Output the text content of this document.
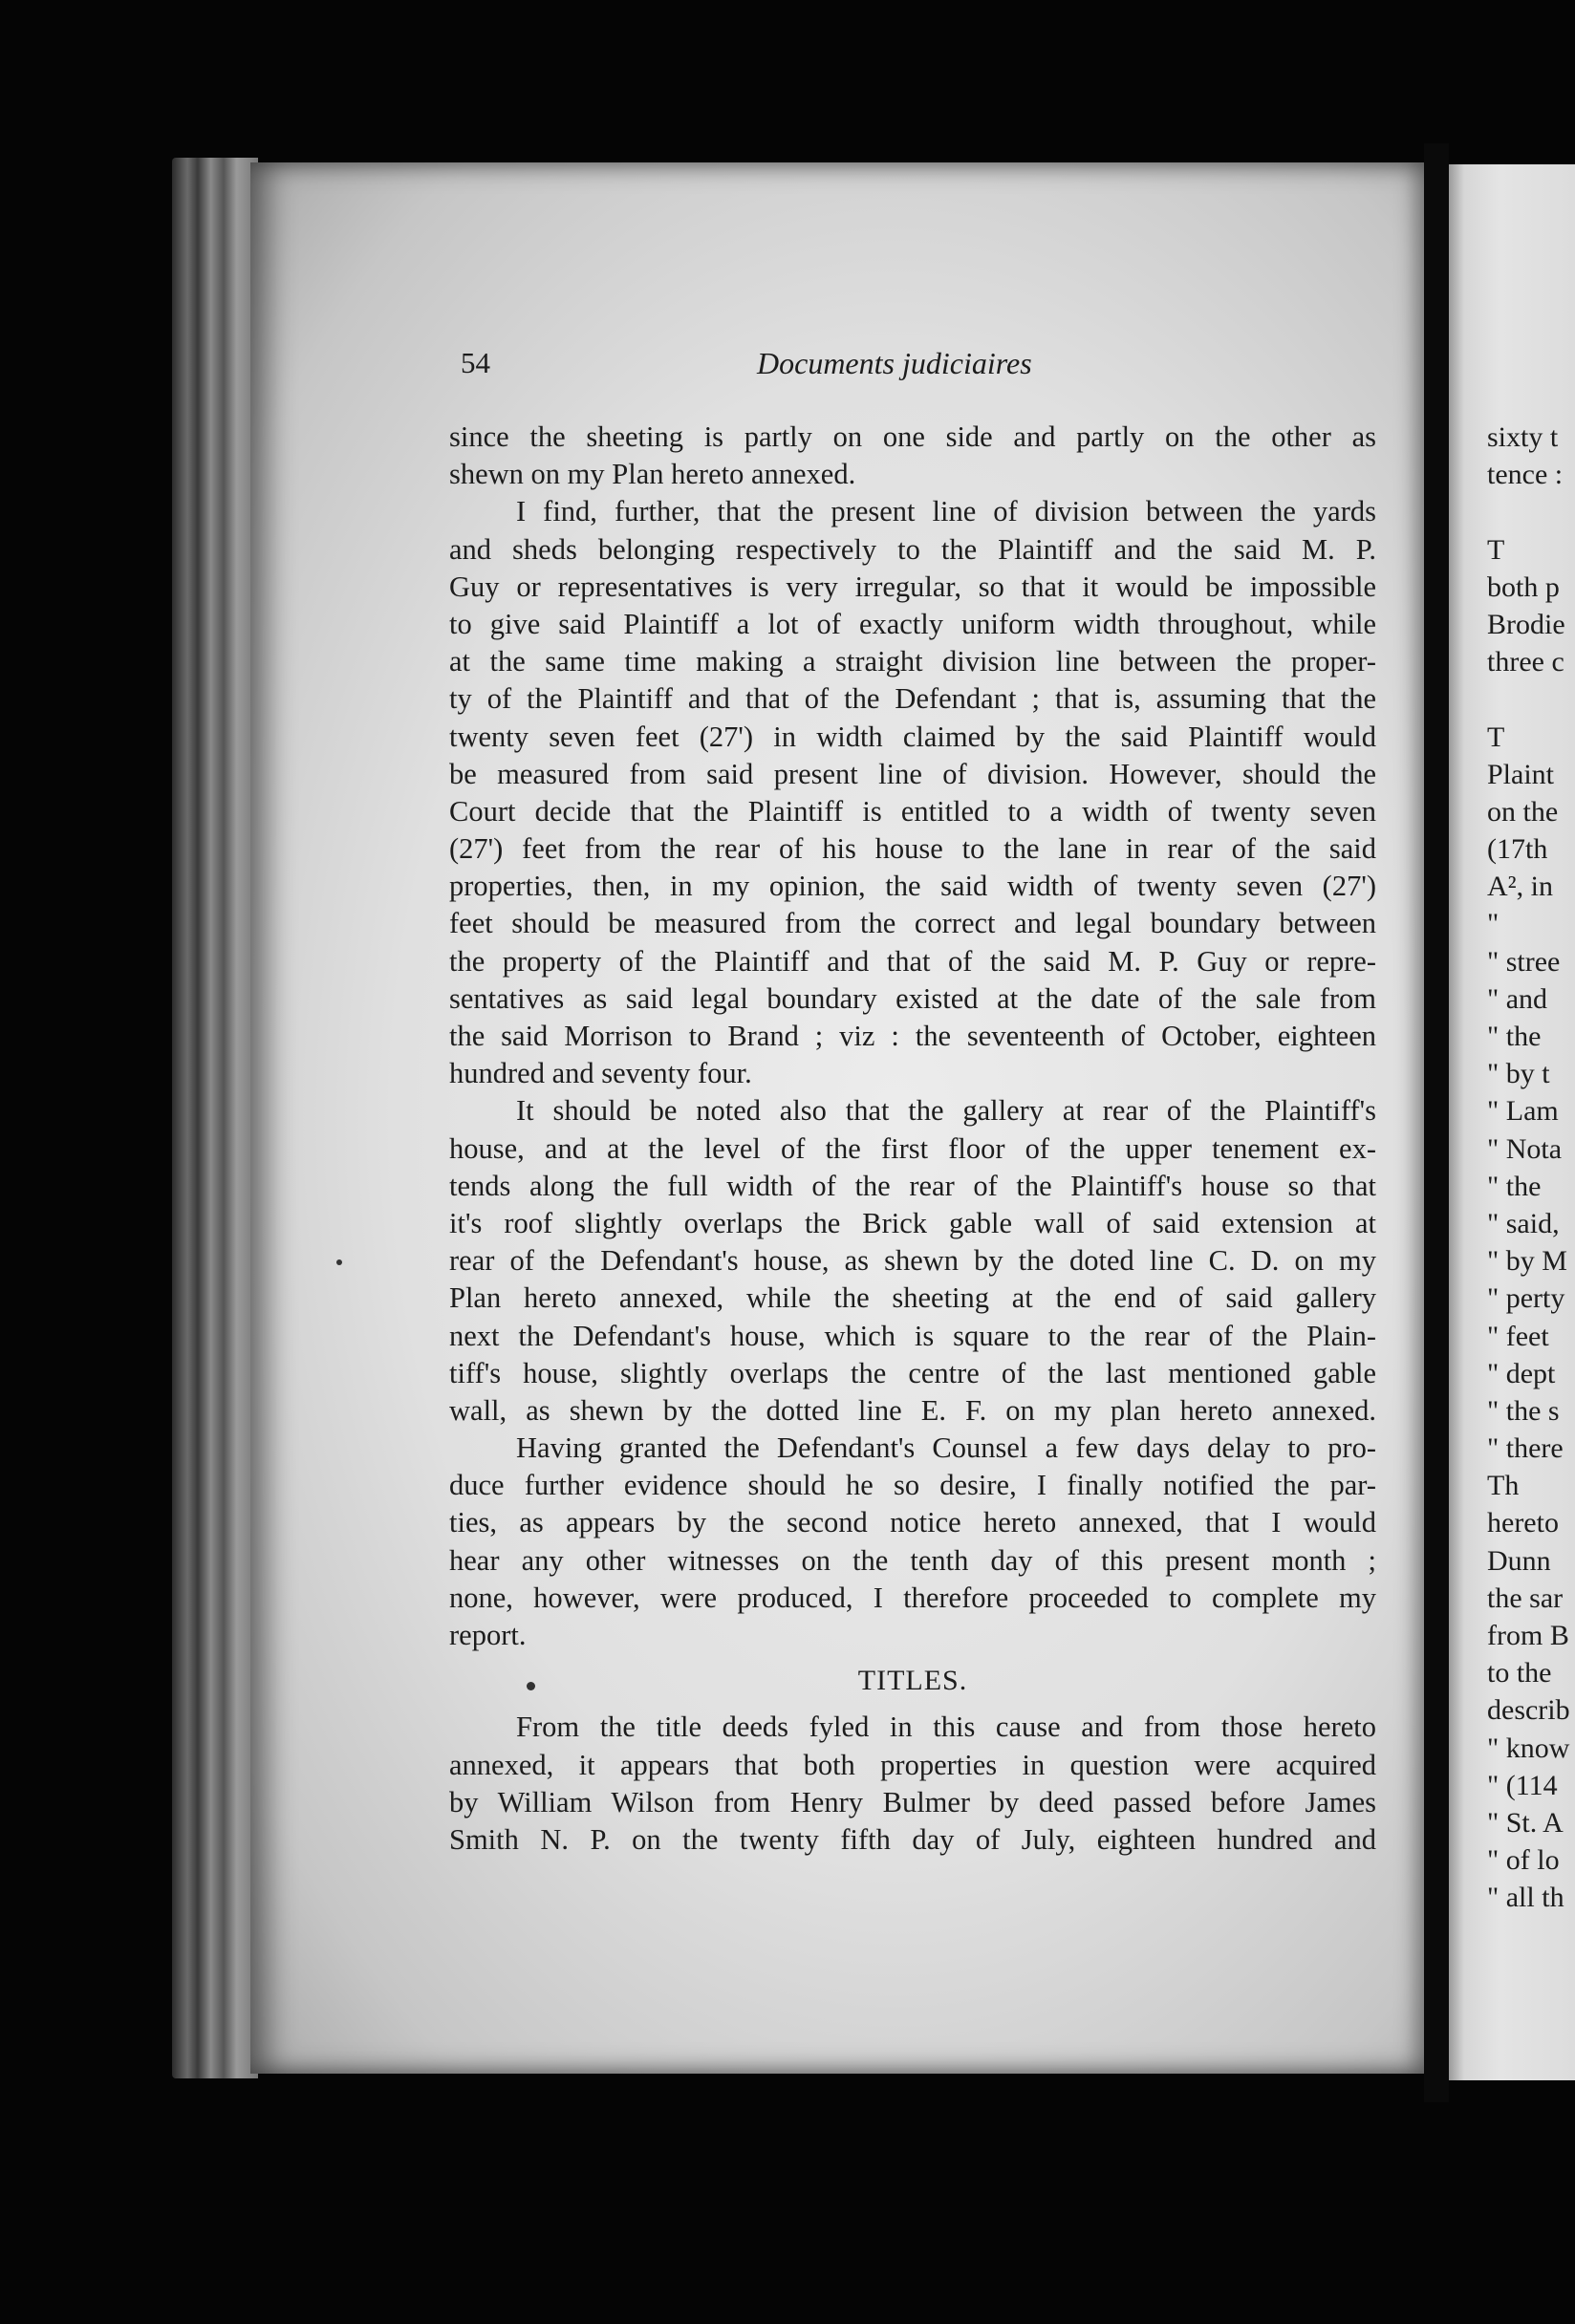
54	Documents judiciaires
since the sheeting is partly on one side and partly on the other as
shewn on my Plan hereto annexed.
I find, further, that the present line of division between the yards
and sheds belonging respectively to the Plaintiff and the said M. P.
Guy or representatives is very irregular, so that it would be impossible
to give said Plaintiff a lot of exactly uniform width throughout, while
at the same time making a straight division line between the proper-
ty of the Plaintiff and that of the Defendant ; that is, assuming that the
twenty seven feet (27') in width claimed by the said Plaintiff would
be measured from said present line of division. However, should the
Court decide that the Plaintiff is entitled to a width of twenty seven
(27') feet from the rear of his house to the lane in rear of the said
properties, then, in my opinion, the said width of twenty seven (27')
feet should be measured from the correct and legal boundary between
the property of the Plaintiff and that of the said M. P. Guy or repre-
sentatives as said legal boundary existed at the date of the sale from
the said Morrison to Brand ; viz : the seventeenth of October, eighteen
hundred and seventy four.
It should be noted also that the gallery at rear of the Plaintiff's
house, and at the level of the first floor of the upper tenement ex-
tends along the full width of the rear of the Plaintiff's house so that
it's roof slightly overlaps the Brick gable wall of said extension at
rear of the Defendant's house, as shewn by the doted line C. D. on my
Plan hereto annexed, while the sheeting at the end of said gallery
next the Defendant's house, which is square to the rear of the Plain-
tiff's house, slightly overlaps the centre of the last mentioned gable
wall, as shewn by the dotted line E. F. on my plan hereto annexed.
Having granted the Defendant's Counsel a few days delay to pro-
duce further evidence should he so desire, I finally notified the par-
ties, as appears by the second notice hereto annexed, that I would
hear any other witnesses on the tenth day of this present month ;
none, however, were produced, I therefore proceeded to complete my
report.
TITLES.
From the title deeds fyled in this cause and from those hereto
annexed, it appears that both properties in question were acquired
by William Wilson from Henry Bulmer by deed passed before James
Smith N. P. on the twenty fifth day of July, eighteen hundred and
sixty t
tence :
T
both p
Brodie
three c
T
Plaint
on the
(17th
A², in
"
" stree
" and
" the
" by t
" Lam
" Nota
" the
" said,
" by M
" perty
" feet
" dept
" the s
" there
Th
hereto
Dunn
the sar
from B
to the
describ
" know
" (114
" St. A
" of lo
" all th
